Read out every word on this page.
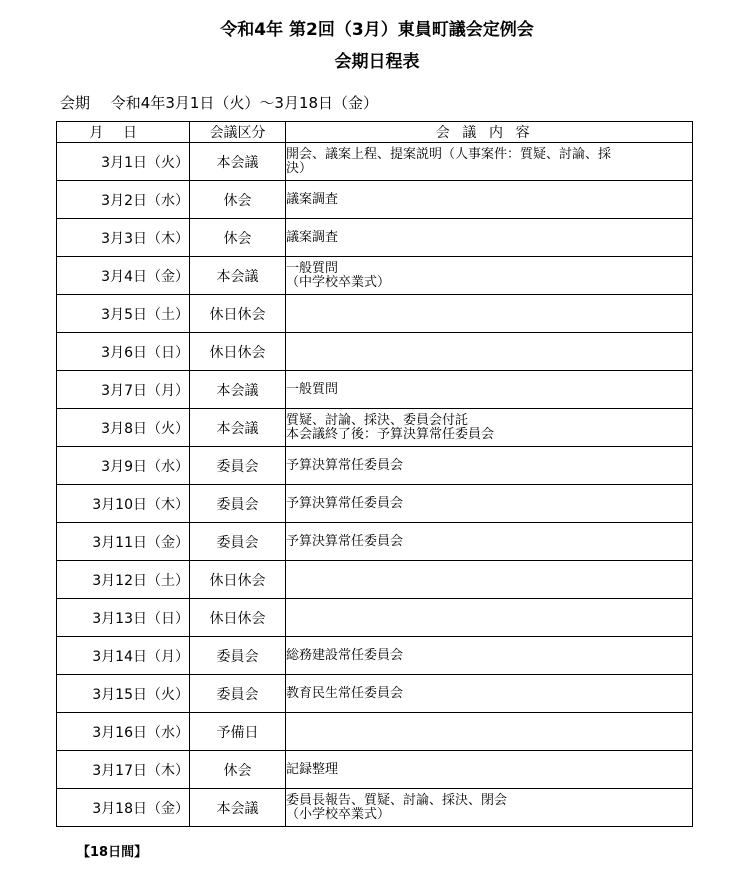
令和4年 第2回（3月）東員町議会定例会
会期日程表
会期 令和4年3月1日（火）～3月18日（金）
月日	会議区分	会議内容
3月1日（火）	本会議	開会、議案上程、提案説明（人事案件：質疑、討論、採
決）

3月2日（水）	休会	議案調査

3月3日（木）	休会	議案調査

3月4日（金）	本会議	一般質問
（中学校卒業式）

3月5日（土）	休日休会	
3月6日（日）	休日休会	
3月7日（月）	本会議	一般質問

3月8日（火）	本会議	質疑、討論、採決、委員会付託
本会議終了後：予算決算常任委員会

3月9日（水）	委員会	予算決算常任委員会

3月10日（木）	委員会	予算決算常任委員会

3月11日（金）	委員会	予算決算常任委員会

3月12日（土）	休日休会	
3月13日（日）	休日休会	
3月14日（月）	委員会	総務建設常任委員会

3月15日（火）	委員会	教育民生常任委員会

3月16日（水）	予備日	
3月17日（木）	休会	記録整理

3月18日（金）	本会議	委員長報告、質疑、討論、採決、閉会
（小学校卒業式）
【18日間】
